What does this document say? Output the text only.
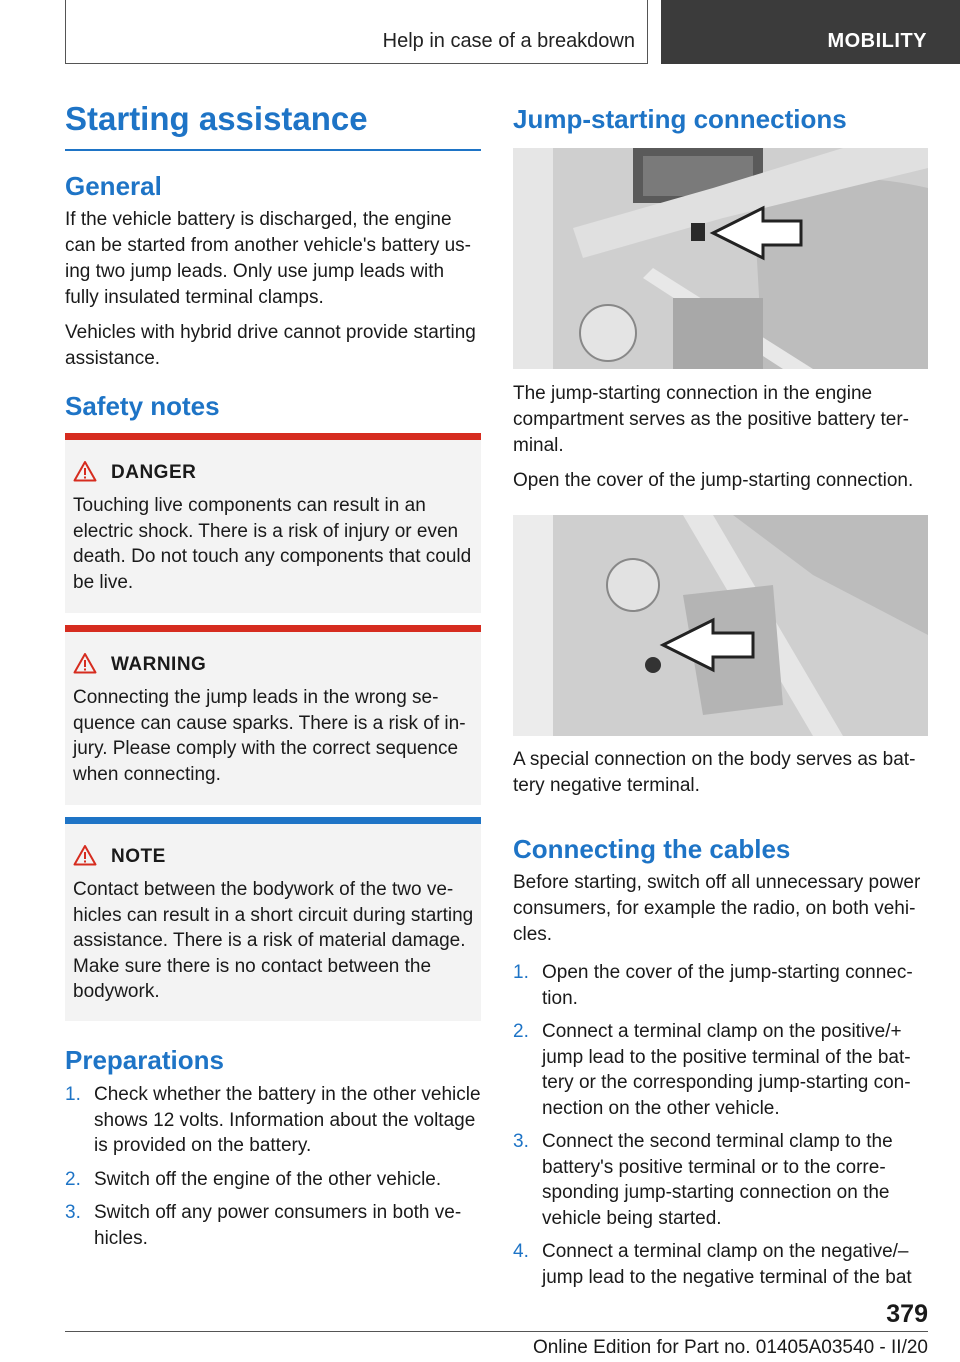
Help in case of a breakdown	MOBILITY
Starting assistance
General

If the vehicle battery is discharged, the engine can be started from another vehicle's battery using two jump leads. Only use jump leads with fully insulated terminal clamps.

Vehicles with hybrid drive cannot provide starting assistance.

Safety notes
DANGER
Touching live components can result in an electric shock. There is a risk of injury or even death. Do not touch any components that could be live.
WARNING
Connecting the jump leads in the wrong sequence can cause sparks. There is a risk of injury. Please comply with the correct sequence when connecting.
NOTE
Contact between the bodywork of the two vehicles can result in a short circuit during starting assistance. There is a risk of material damage. Make sure there is no contact between the bodywork.
Preparations
1. Check whether the battery in the other vehicle shows 12 volts. Information about the voltage is provided on the battery.
2. Switch off the engine of the other vehicle.
3. Switch off any power consumers in both vehicles.
Jump-starting connections

The jump-starting connection in the engine compartment serves as the positive battery terminal.

Open the cover of the jump-starting connection.

A special connection on the body serves as battery negative terminal.

Connecting the cables

Before starting, switch off all unnecessary power consumers, for example the radio, on both vehicles.

1. Open the cover of the jump-starting connection.
2. Connect a terminal clamp on the positive/+ jump lead to the positive terminal of the battery or the corresponding jump-starting connection on the other vehicle.
3. Connect the second terminal clamp to the battery's positive terminal or to the corresponding jump-starting connection on the vehicle being started.
4. Connect a terminal clamp on the negative/– jump lead to the negative terminal of the bat
379
Online Edition for Part no. 01405A03540 - II/20
